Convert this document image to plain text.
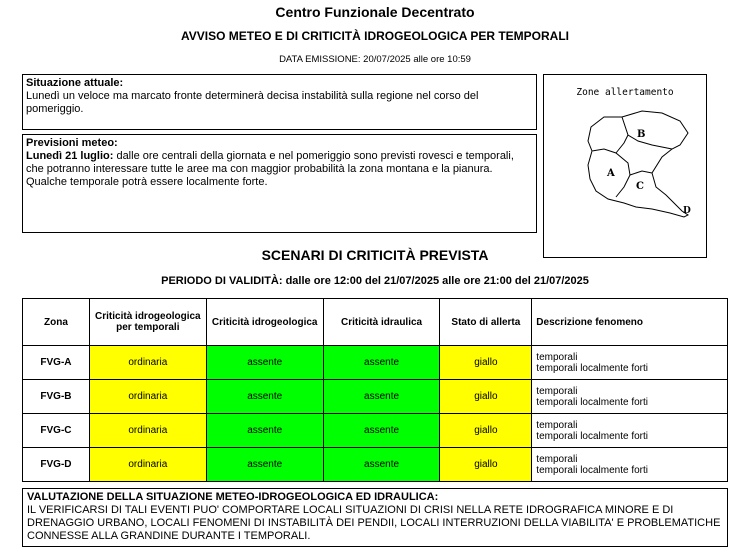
Centro Funzionale Decentrato
AVVISO METEO E DI CRITICITÀ IDROGEOLOGICA PER TEMPORALI
DATA EMISSIONE: 20/07/2025 alle ore 10:59
Situazione attuale:
Lunedì un veloce ma marcato fronte determinerà decisa instabilità sulla regione nel corso del pomeriggio.
Previsioni meteo:
Lunedì 21 luglio: dalle ore centrali della giornata e nel pomeriggio sono previsti rovesci e temporali, che potranno interessare tutte le aree ma con maggior probabilità la zona montana e la pianura. Qualche temporale potrà essere localmente forte.
Zone allertamento
A
B
C
D
SCENARI DI CRITICITÀ PREVISTA
PERIODO DI VALIDITÀ: dalle ore 12:00 del 21/07/2025 alle ore 21:00 del 21/07/2025
Zona	Criticità idrogeologica per temporali	Criticità idrogeologica	Criticità idraulica	Stato di allerta	Descrizione fenomeno
FVG-A	ordinaria	assente	assente	giallo	temporali
temporali localmente forti

FVG-B	ordinaria	assente	assente	giallo	temporali
temporali localmente forti

FVG-C	ordinaria	assente	assente	giallo	temporali
temporali localmente forti

FVG-D	ordinaria	assente	assente	giallo	temporali
temporali localmente forti
VALUTAZIONE DELLA SITUAZIONE METEO-IDROGEOLOGICA ED IDRAULICA:
IL VERIFICARSI DI TALI EVENTI PUO' COMPORTARE LOCALI SITUAZIONI DI CRISI NELLA RETE IDROGRAFICA MINORE E DI DRENAGGIO URBANO, LOCALI FENOMENI DI INSTABILITÀ DEI PENDII, LOCALI INTERRUZIONI DELLA VIABILITA' E PROBLEMATICHE CONNESSE ALLA GRANDINE DURANTE I TEMPORALI.
